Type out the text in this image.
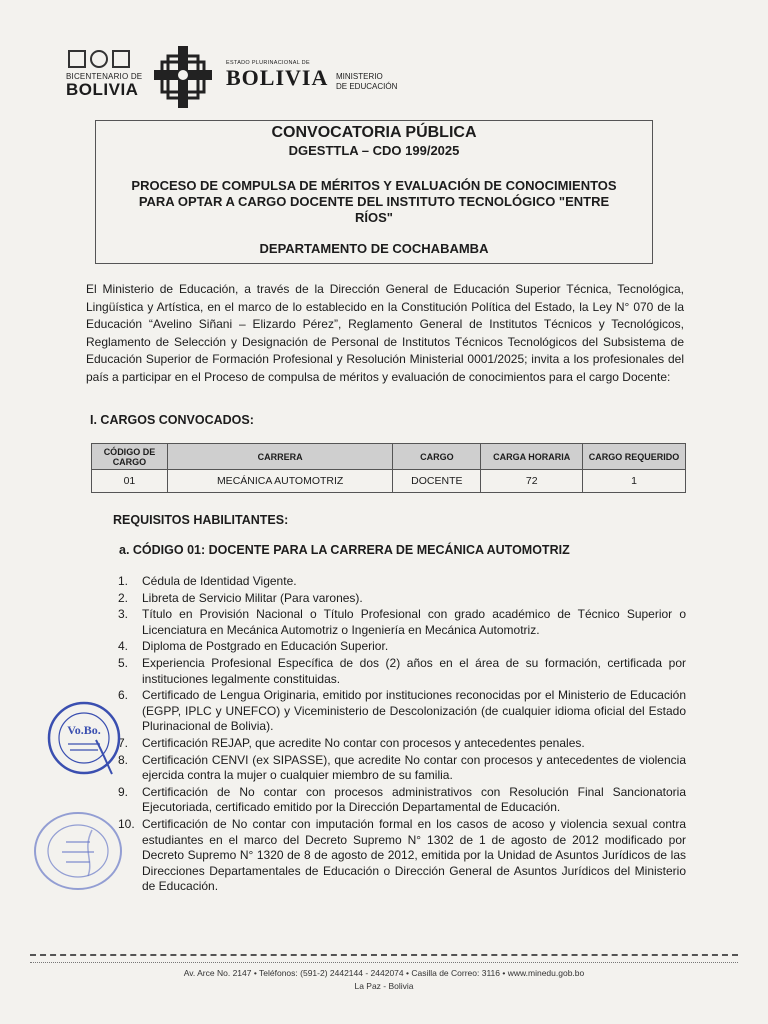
BICENTENARIO DE
BOLIVIA
ESTADO PLURINACIONAL DE
BOLIVIA MINISTERIO
DE EDUCACIÓN
CONVOCATORIA PÚBLICA
DGESTTLA – CDO 199/2025
PROCESO DE COMPULSA DE MÉRITOS Y EVALUACIÓN DE CONOCIMIENTOS PARA OPTAR A CARGO DOCENTE DEL INSTITUTO TECNOLÓGICO "ENTRE RÍOS"
DEPARTAMENTO DE COCHABAMBA
El Ministerio de Educación, a través de la Dirección General de Educación Superior Técnica, Tecnológica, Lingüística y Artística, en el marco de lo establecido en la Constitución Política del Estado, la Ley N° 070 de la Educación “Avelino Siñani – Elizardo Pérez”, Reglamento General de Institutos Técnicos y Tecnológicos, Reglamento de Selección y Designación de Personal de Institutos Técnicos Tecnológicos del Subsistema de Educación Superior de Formación Profesional y Resolución Ministerial 0001/2025; invita a los profesionales del país a participar en el Proceso de compulsa de méritos y evaluación de conocimientos para el cargo Docente:
I. CARGOS CONVOCADOS:
CÓDIGO DE CARGO	CARRERA	CARGO	CARGA HORARIA	CARGO REQUERIDO
01	MECÁNICA AUTOMOTRIZ	DOCENTE	72	1
REQUISITOS HABILITANTES:
a. CÓDIGO 01: DOCENTE PARA LA CARRERA DE MECÁNICA AUTOMOTRIZ
1. Cédula de Identidad Vigente.
2. Libreta de Servicio Militar (Para varones).
3. Título en Provisión Nacional o Título Profesional con grado académico de Técnico Superior o Licenciatura en Mecánica Automotriz o Ingeniería en Mecánica Automotriz.
4. Diploma de Postgrado en Educación Superior.
5. Experiencia Profesional Específica de dos (2) años en el área de su formación, certificada por instituciones legalmente constituidas.
6. Certificado de Lengua Originaria, emitido por instituciones reconocidas por el Ministerio de Educación (EGPP, IPLC y UNEFCO) y Viceministerio de Descolonización (de cualquier idioma oficial del Estado Plurinacional de Bolivia).
7. Certificación REJAP, que acredite No contar con procesos y antecedentes penales.
8. Certificación CENVI (ex SIPASSE), que acredite No contar con procesos y antecedentes de violencia ejercida contra la mujer o cualquier miembro de su familia.
9. Certificación de No contar con procesos administrativos con Resolución Final Sancionatoria Ejecutoriada, certificado emitido por la Dirección Departamental de Educación.
10. Certificación de No contar con imputación formal en los casos de acoso y violencia sexual contra estudiantes en el marco del Decreto Supremo N° 1302 de 1 de agosto de 2012 modificado por Decreto Supremo N° 1320 de 8 de agosto de 2012, emitida por la Unidad de Asuntos Jurídicos de las Direcciones Departamentales de Educación o Dirección General de Asuntos Jurídicos del Ministerio de Educación.
Vo.Bo.
Av. Arce No. 2147 • Teléfonos: (591-2) 2442144 - 2442074 • Casilla de Correo: 3116 • www.minedu.gob.bo
La Paz - Bolivia
